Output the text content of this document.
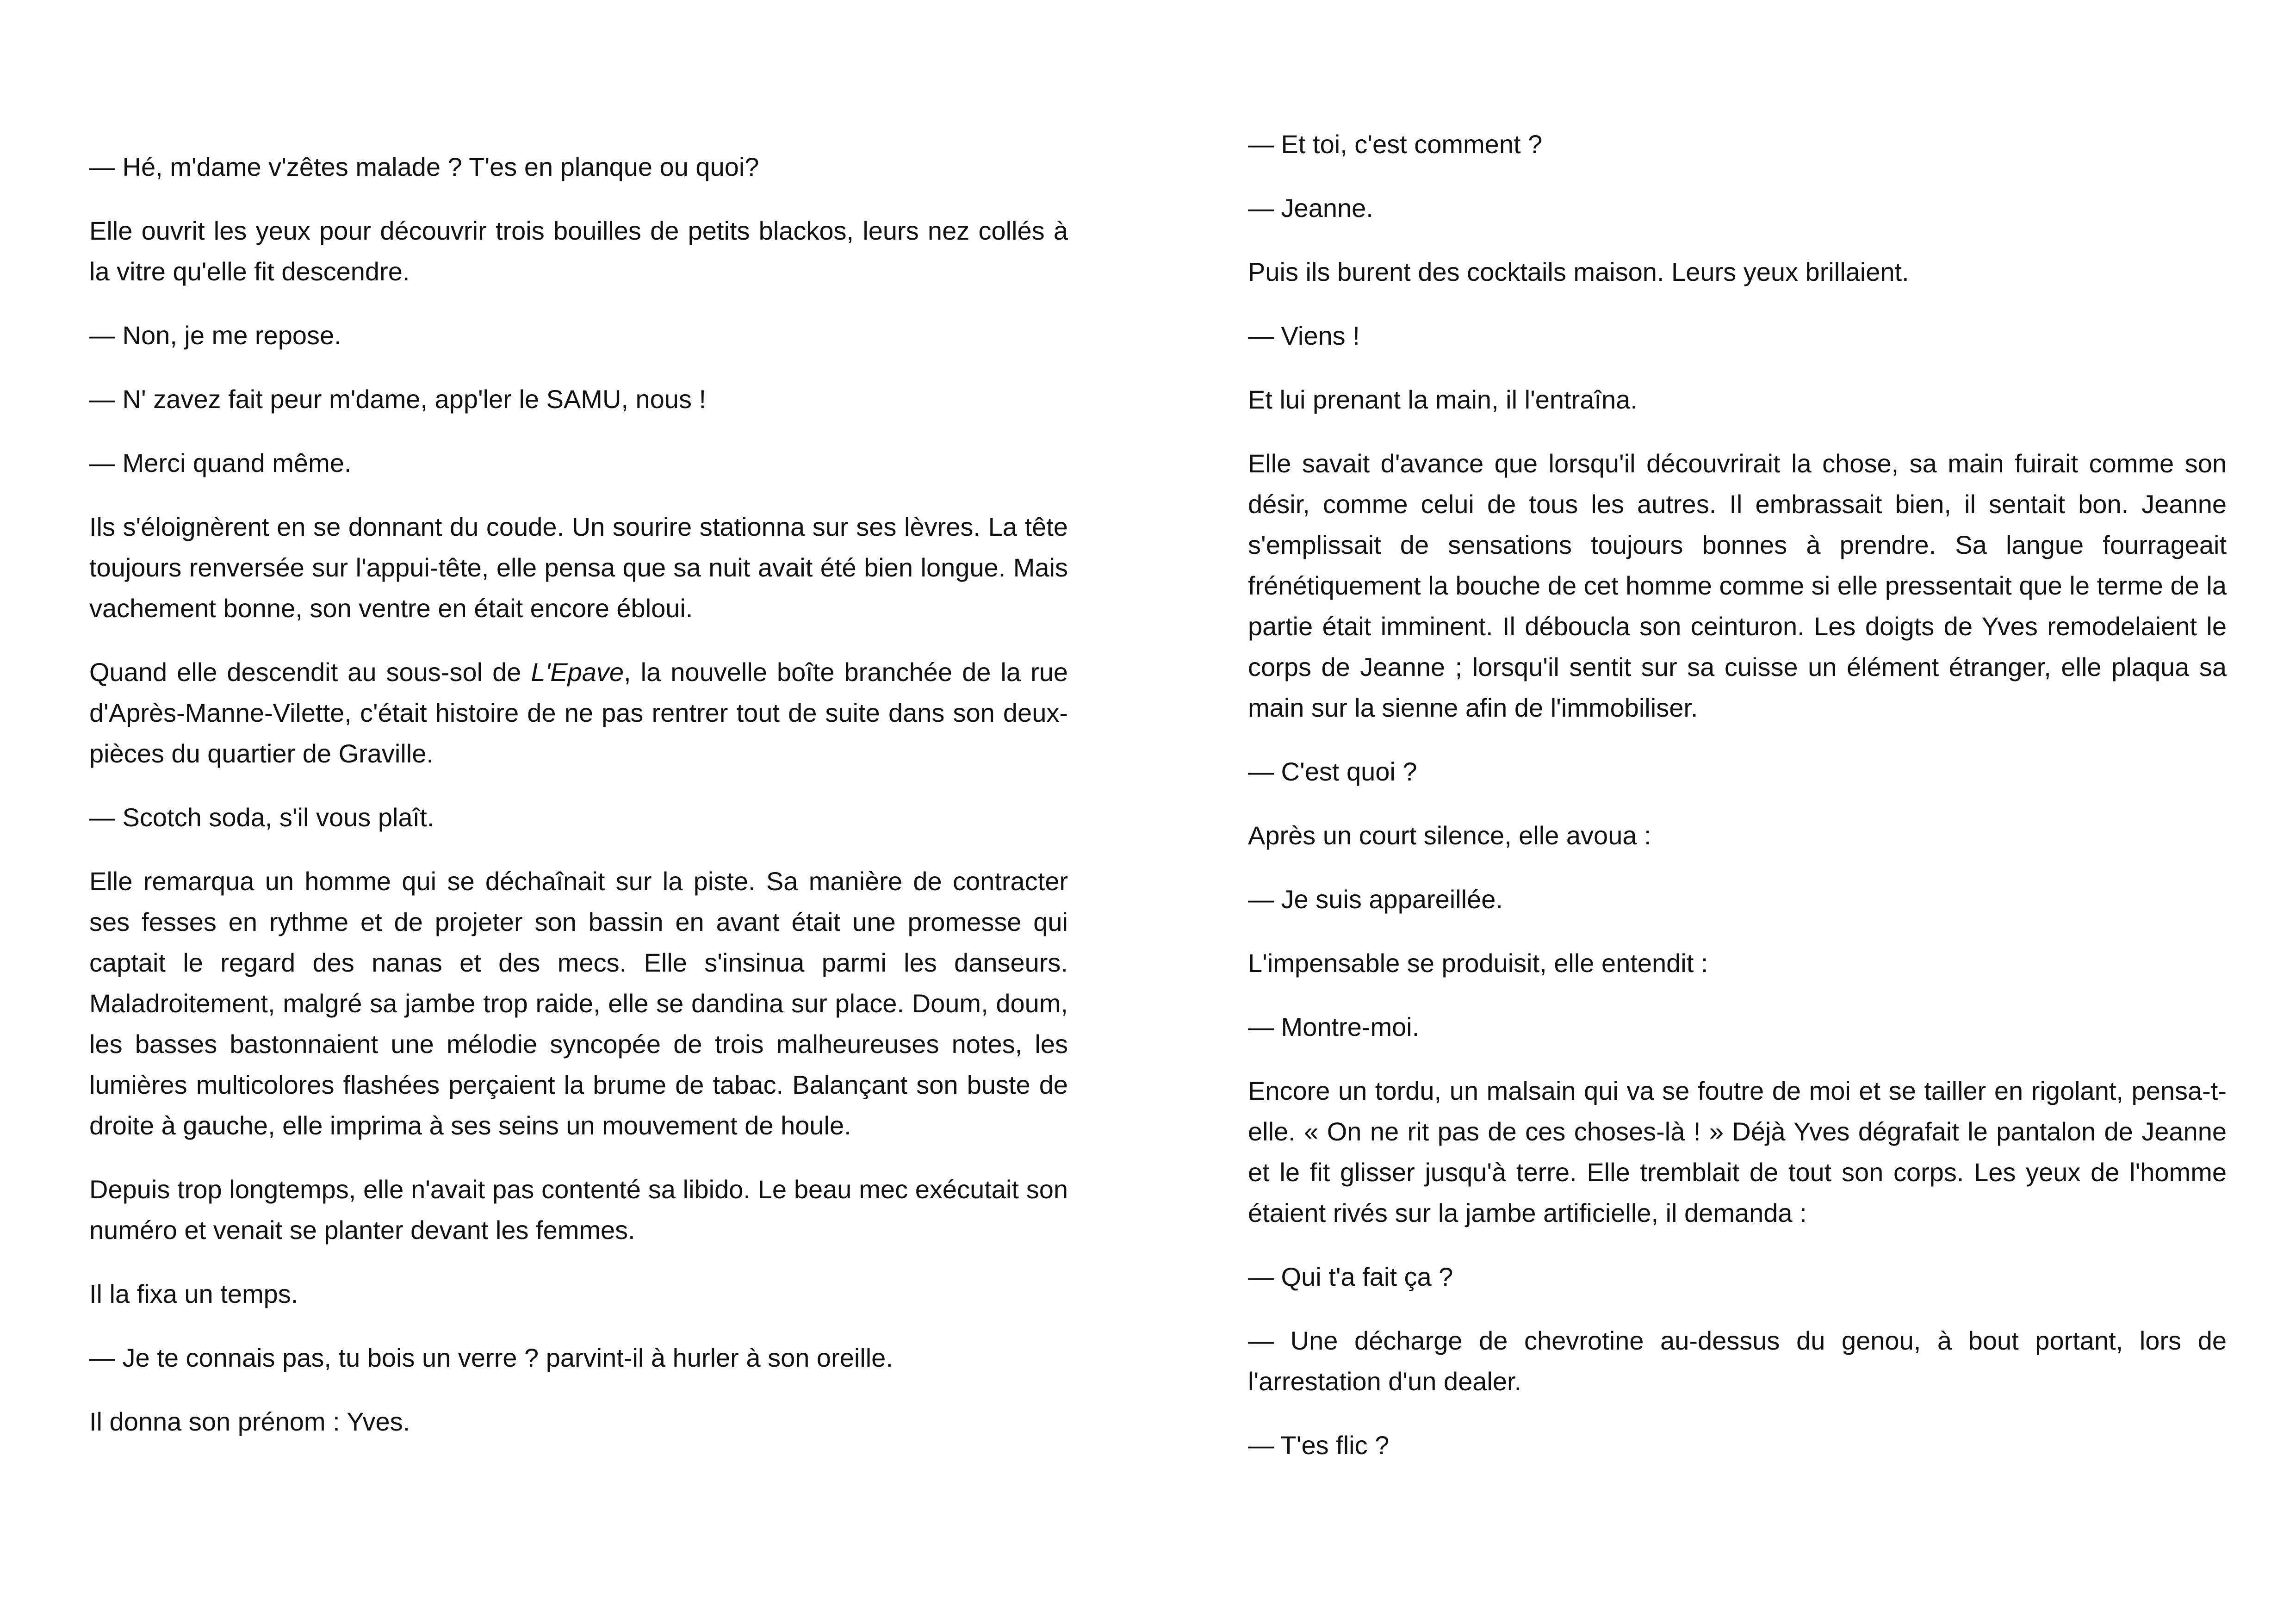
— Hé, m'dame v'zêtes malade ? T'es en planque ou quoi?

Elle ouvrit les yeux pour découvrir trois bouilles de petits blackos, leurs nez collés à la vitre qu'elle fit descendre.

— Non, je me repose.

— N' zavez fait peur m'dame, app'ler le SAMU, nous !

— Merci quand même.

Ils s'éloignèrent en se donnant du coude. Un sourire stationna sur ses lèvres. La tête toujours renversée sur l'appui-tête, elle pensa que sa nuit avait été bien longue. Mais vachement bonne, son ventre en était encore ébloui.

Quand elle descendit au sous-sol de L'Epave, la nouvelle boîte branchée de la rue d'Après-Manne-Vilette, c'était histoire de ne pas rentrer tout de suite dans son deux-pièces du quartier de Graville.

— Scotch soda, s'il vous plaît.

Elle remarqua un homme qui se déchaînait sur la piste. Sa manière de contracter ses fesses en rythme et de projeter son bassin en avant était une promesse qui captait le regard des nanas et des mecs. Elle s'insinua parmi les danseurs. Maladroitement, malgré sa jambe trop raide, elle se dandina sur place. Doum, doum, les basses bastonnaient une mélodie syncopée de trois malheureuses notes, les lumières multicolores flashées perçaient la brume de tabac. Balançant son buste de droite à gauche, elle imprima à ses seins un mouvement de houle.

Depuis trop longtemps, elle n'avait pas contenté sa libido. Le beau mec exécutait son numéro et venait se planter devant les femmes.

Il la fixa un temps.

— Je te connais pas, tu bois un verre ? parvint-il à hurler à son oreille.

Il donna son prénom : Yves.

— Et toi, c'est comment ?

— Jeanne.

Puis ils burent des cocktails maison. Leurs yeux brillaient.

— Viens !

Et lui prenant la main, il l'entraîna.

Elle savait d'avance que lorsqu'il découvrirait la chose, sa main fuirait comme son désir, comme celui de tous les autres. Il embrassait bien, il sentait bon. Jeanne s'emplissait de sensations toujours bonnes à prendre. Sa langue fourrageait frénétiquement la bouche de cet homme comme si elle pressentait que le terme de la partie était imminent. Il déboucla son ceinturon. Les doigts de Yves remodelaient le corps de Jeanne ; lorsqu'il sentit sur sa cuisse un élément étranger, elle plaqua sa main sur la sienne afin de l'immobiliser.

— C'est quoi ?

Après un court silence, elle avoua :

— Je suis appareillée.

L'impensable se produisit, elle entendit :

— Montre-moi.

Encore un tordu, un malsain qui va se foutre de moi et se tailler en rigolant, pensa-t-elle. « On ne rit pas de ces choses-là ! » Déjà Yves dégrafait le pantalon de Jeanne et le fit glisser jusqu'à terre. Elle tremblait de tout son corps. Les yeux de l'homme étaient rivés sur la jambe artificielle, il demanda :

— Qui t'a fait ça ?

— Une décharge de chevrotine au-dessus du genou, à bout portant, lors de l'arrestation d'un dealer.

— T'es flic ?
